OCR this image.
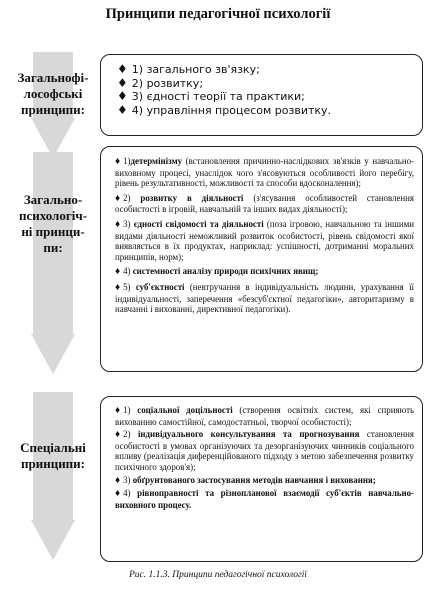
Принципи педагогічної психології
Загальнофі-
лософські
принципи:
♦ 1) загального зв'язку;
♦ 2) розвитку;
♦ 3) єдності теорії та практики;
♦ 4) управління процесом розвитку.
Загально-
психологіч-
ні принци-
пи:
♦ 1)детермінізму (встановлення причинно-наслідкових зв'язків у навчально-виховному процесі, унаслідок чого з'ясовуються особливості його перебігу, рівень результативності, можливості та способи вдосконалення);
♦ 2) розвитку в діяльності (з'ясування особливостей становлення особистості в ігровій, навчальній та інших видах діяльності);
♦ 3) єдності свідомості та діяльності (поза ігровою, навчальною та іншими видами діяльності неможливий розвиток особистості, рівень свідомості якої виявляється в їх продуктах, наприклад: успішності, дотриманні моральних принципів, норм);
♦ 4) системності аналізу природи психічних явищ;
♦ 5) суб'єктності (невтручання в індивідуальність людини, урахування її індивідуальності, заперечення «безсуб'єктної педагогіки», авторитаризму в навчанні і вихованні, директивної педагогіки).
Спеціальні
принципи:
♦ 1) соціальної доцільності (створення освітніх систем, які сприяють вихованню самостійної, самодостатньої, творчої особистості);
♦ 2) індивідуального консультування та прогнозування становлення особистості в умовах організуючих та дезорганізуючих чинників соціального впливу (реалізація диференційованого підходу з метою забезпечення розвитку психічного здоров'я);
♦ 3) обґрунтованого застосування методів навчання і виховання;
♦ 4) рівноправності та різнопланової взаємодії суб'єктів навчально-виховного процесу.
Рис. 1.1.3. Принципи педагогічної психології
